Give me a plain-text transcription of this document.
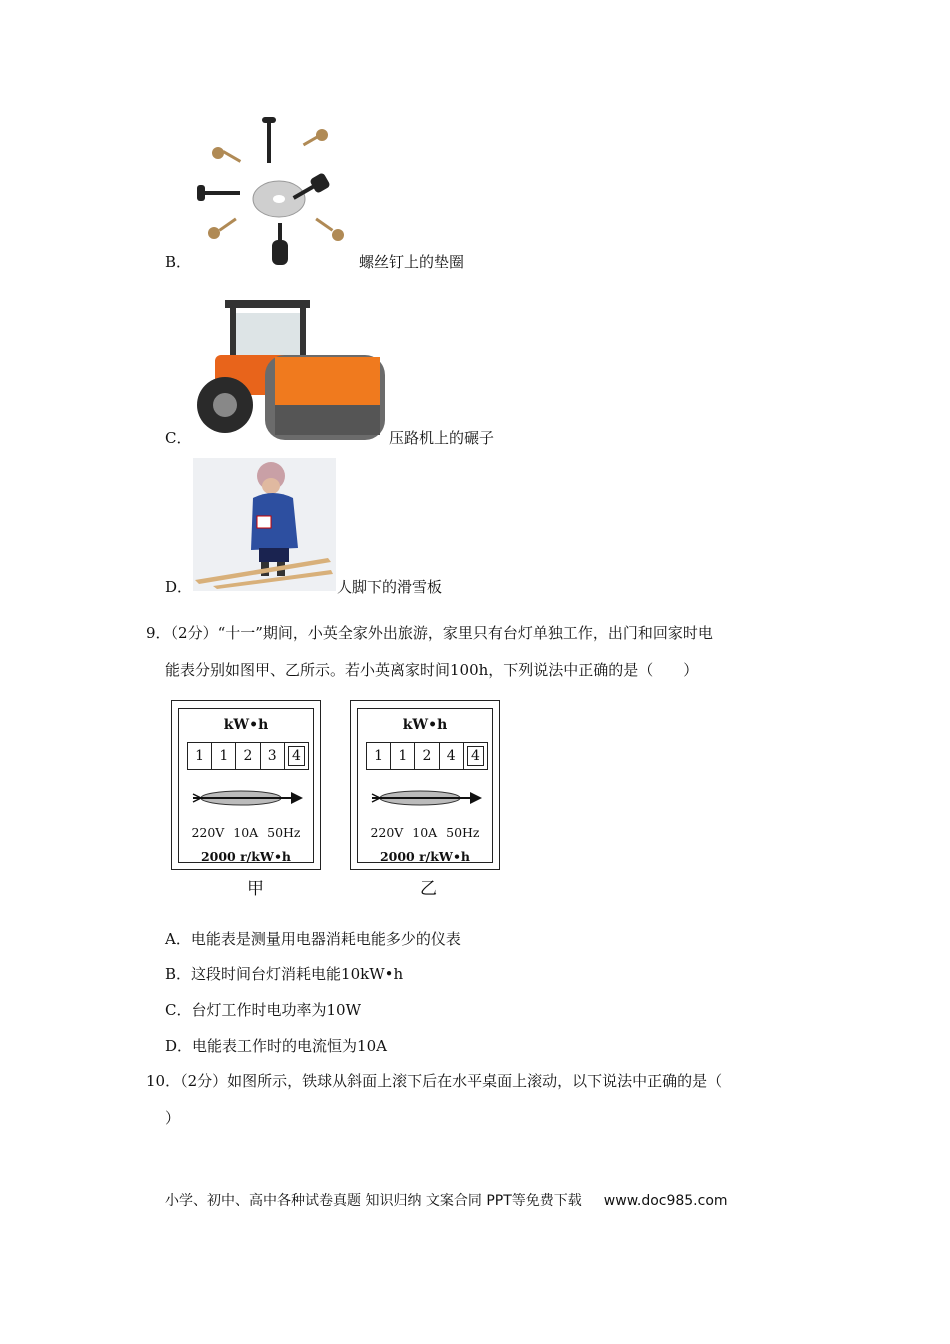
B．	螺丝钉上的垫圈
C．	压路机上的碾子
D．	人脚下的滑雪板
9．（2分）“十一”期间，小英全家外出旅游，家里只有台灯单独工作，出门和回家时电
能表分别如图甲、乙所示。若小英离家时间100h，下列说法中正确的是（　　）
kW•h
1	1	2	3	4
220V 10A 50Hz
2000 r/kW•h
甲
kW•h
1	1	2	4	4
220V 10A 50Hz
2000 r/kW•h
乙
A．电能表是测量用电器消耗电能多少的仪表
B．这段时间台灯消耗电能10kW•h
C．台灯工作时电功率为10W
D．电能表工作时的电流恒为10A
10．（2分）如图所示，铁球从斜面上滚下后在水平桌面上滚动，以下说法中正确的是（
）
小学、初中、高中各种试卷真题 知识归纳 文案合同 PPT等免费下载 www.doc985.com
